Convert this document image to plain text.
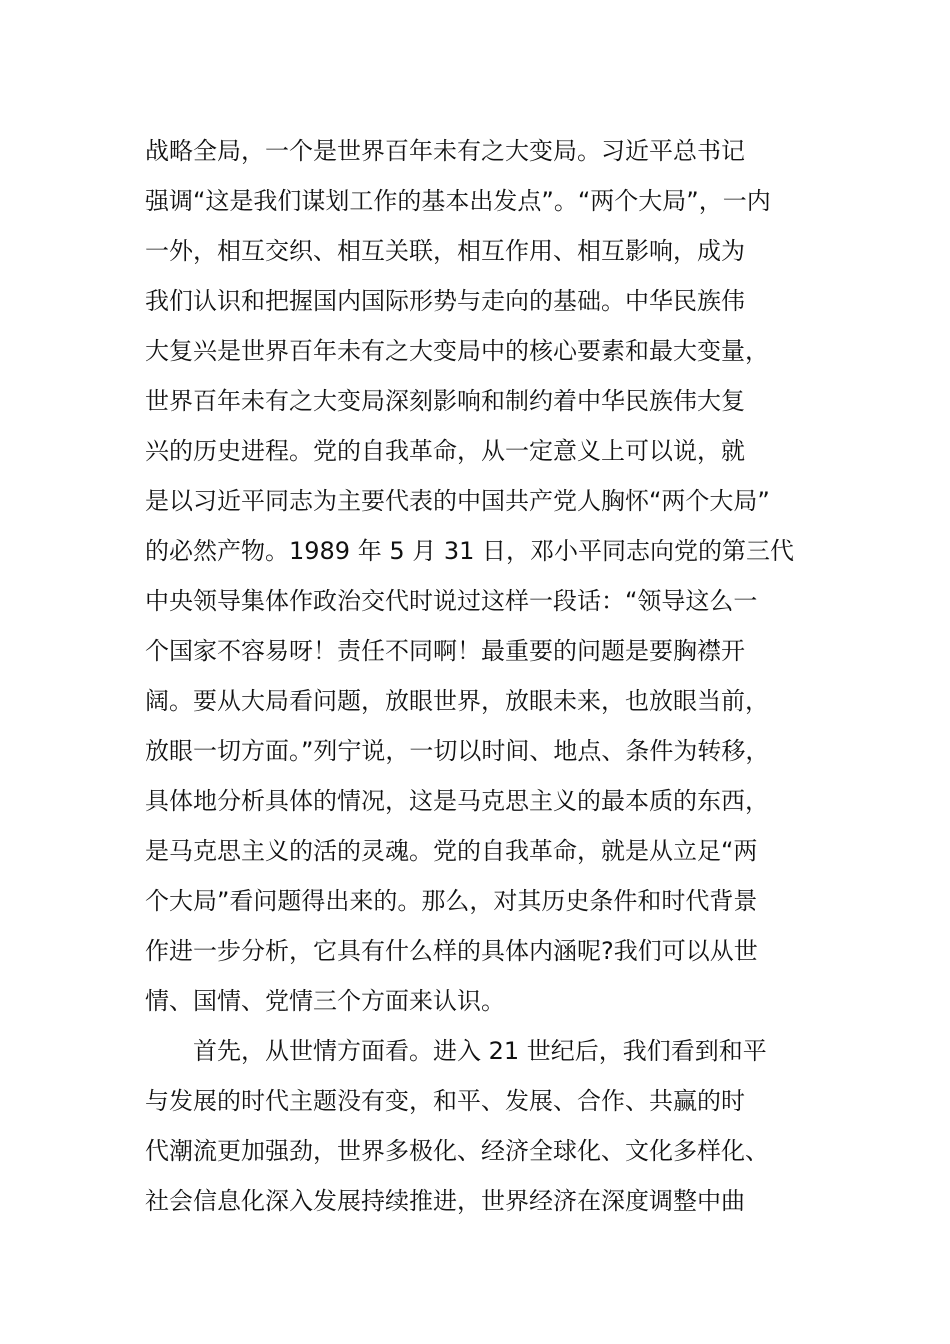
战略全局，一个是世界百年未有之大变局。习近平总书记
强调“这是我们谋划工作的基本出发点”。“两个大局”，一内
一外，相互交织、相互关联，相互作用、相互影响，成为
我们认识和把握国内国际形势与走向的基础。中华民族伟
大复兴是世界百年未有之大变局中的核心要素和最大变量，
世界百年未有之大变局深刻影响和制约着中华民族伟大复
兴的历史进程。党的自我革命，从一定意义上可以说，就
是以习近平同志为主要代表的中国共产党人胸怀“两个大局”
的必然产物。1989 年 5 月 31 日，邓小平同志向党的第三代
中央领导集体作政治交代时说过这样一段话：“领导这么一
个国家不容易呀！责任不同啊！最重要的问题是要胸襟开
阔。要从大局看问题，放眼世界，放眼未来，也放眼当前，
放眼一切方面。”列宁说，一切以时间、地点、条件为转移，
具体地分析具体的情况，这是马克思主义的最本质的东西，
是马克思主义的活的灵魂。党的自我革命，就是从立足“两
个大局”看问题得出来的。那么，对其历史条件和时代背景
作进一步分析，它具有什么样的具体内涵呢?我们可以从世
情、国情、党情三个方面来认识。
　　首先，从世情方面看。进入 21 世纪后，我们看到和平
与发展的时代主题没有变，和平、发展、合作、共赢的时
代潮流更加强劲，世界多极化、经济全球化、文化多样化、
社会信息化深入发展持续推进，世界经济在深度调整中曲
